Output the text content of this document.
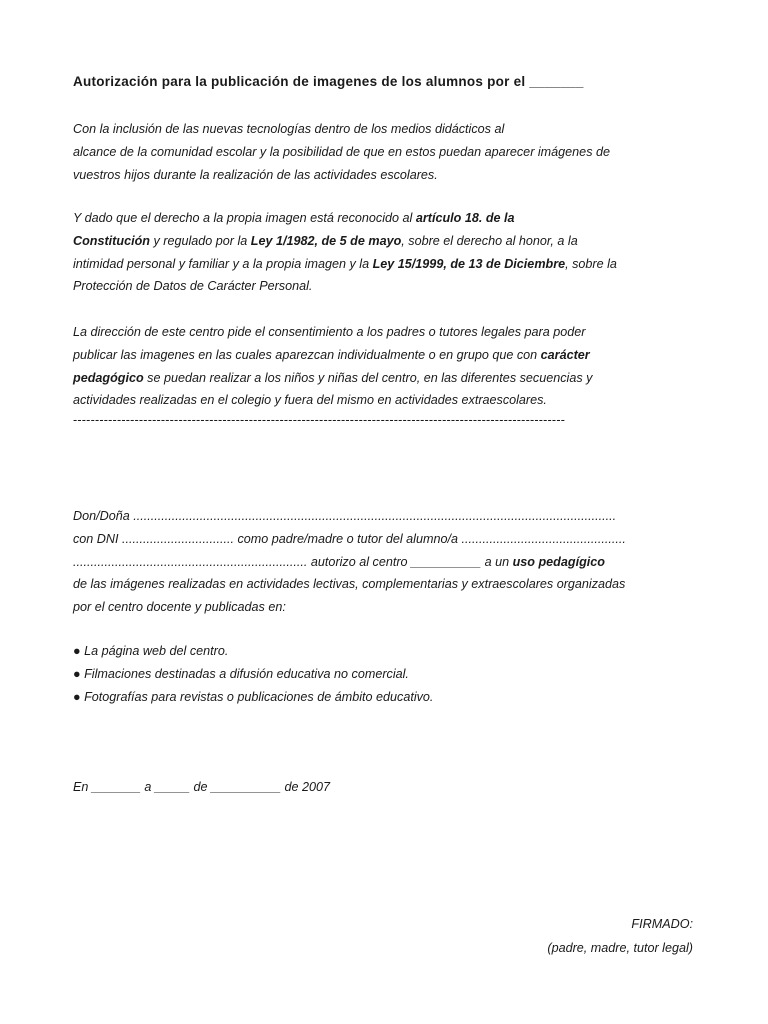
Autorización para la publicación de imagenes de los alumnos por el _______
Con la inclusión de las nuevas tecnologías dentro de los medios didácticos al
alcance de la comunidad escolar y la posibilidad de que en estos puedan aparecer imágenes de
vuestros hijos durante la realización de las actividades escolares.
Y dado que el derecho a la propia imagen está reconocido al artículo 18. de la
Constitución y regulado por la Ley 1/1982, de 5 de mayo, sobre el derecho al honor, a la
intimidad personal y familiar y a la propia imagen y la Ley 15/1999, de 13 de Diciembre, sobre la
Protección de Datos de Carácter Personal.
La dirección de este centro pide el consentimiento a los padres o tutores legales para poder
publicar las imagenes en las cuales aparezcan individualmente o en grupo que con carácter
pedagógico se puedan realizar a los niños y niñas del centro, en las diferentes secuencias y
actividades realizadas en el colegio y fuera del mismo en actividades extraescolares.
----------------------------------------------------------------------------------------------------------------
Don/Doña ..........................................................................................................................................
con DNI ................................ como padre/madre o tutor del alumno/a ...............................................
................................................................... autorizo al centro __________ a un uso pedagígico
de las imágenes realizadas en actividades lectivas, complementarias y extraescolares organizadas
por el centro docente y publicadas en:
● La página web del centro.
● Filmaciones destinadas a difusión educativa no comercial.
● Fotografías para revistas o publicaciones de ámbito educativo.
En _______ a _____ de __________ de 2007
FIRMADO:
(padre, madre, tutor legal)
